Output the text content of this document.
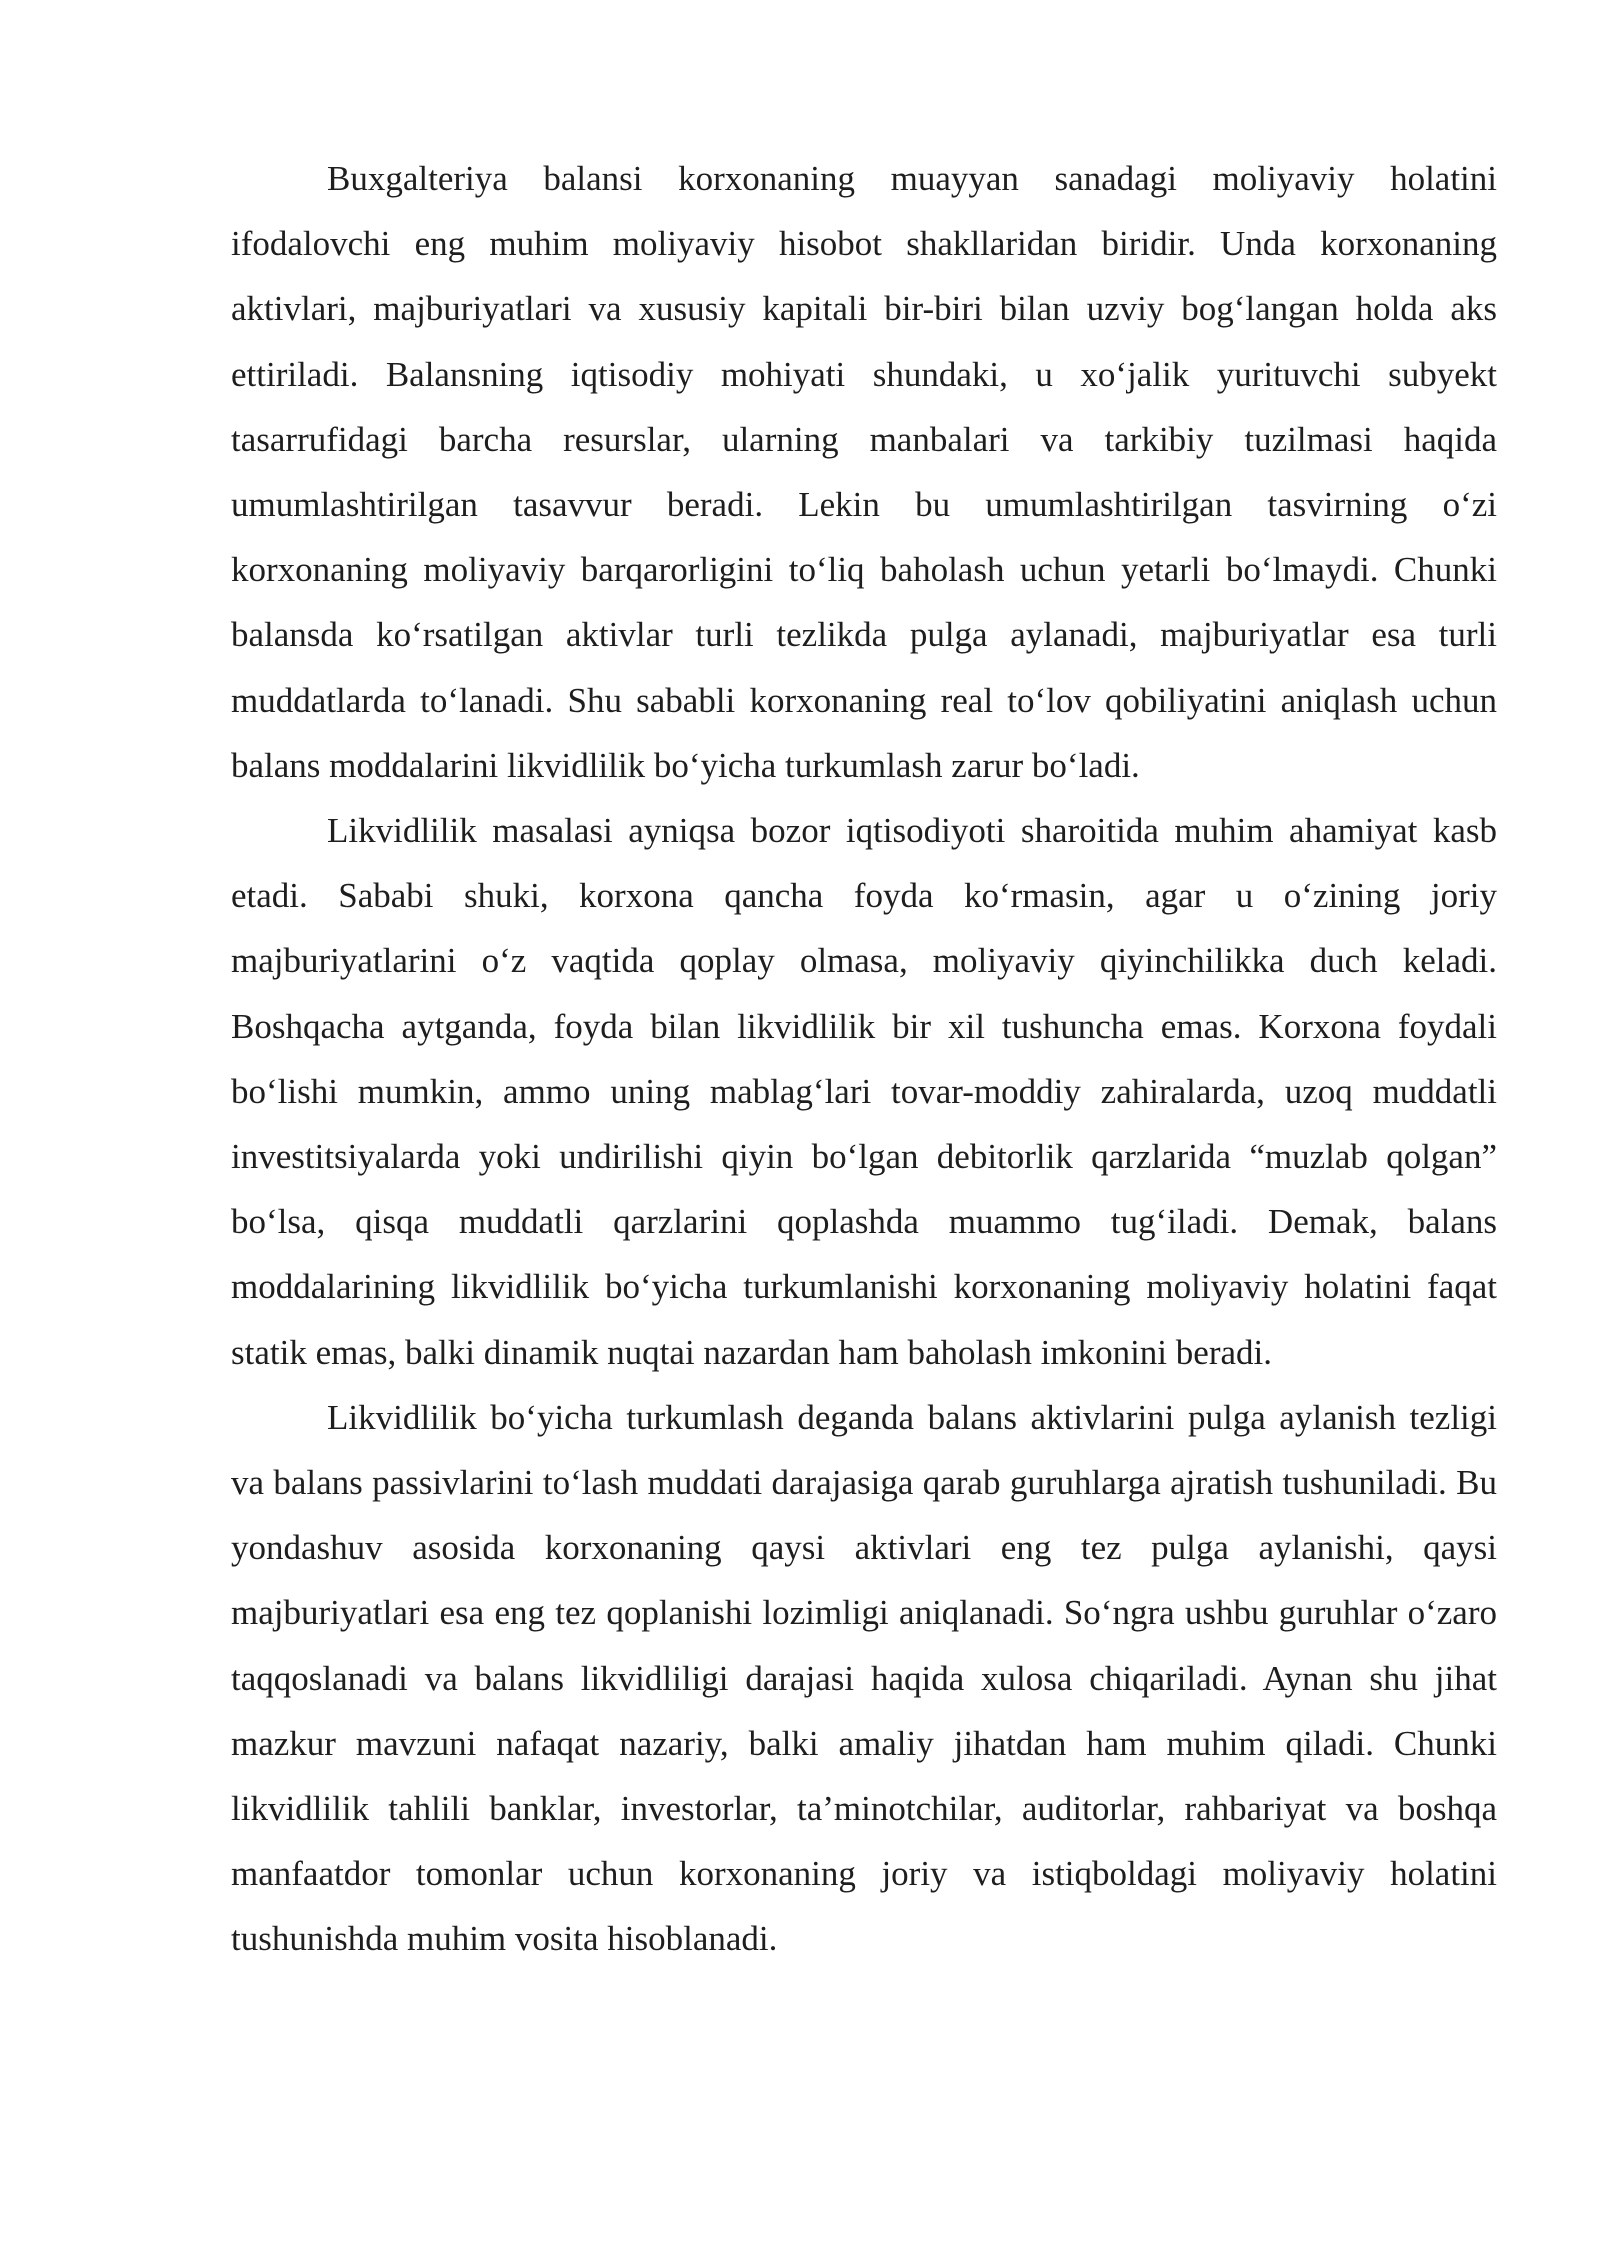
Buxgalteriya balansi korxonaning muayyan sanadagi moliyaviy holatini ifodalovchi eng muhim moliyaviy hisobot shakllaridan biridir. Unda korxonaning aktivlari, majburiyatlari va xususiy kapitali bir-biri bilan uzviy bog‘langan holda aks ettiriladi. Balansning iqtisodiy mohiyati shundaki, u xo‘jalik yurituvchi subyekt tasarrufidagi barcha resurslar, ularning manbalari va tarkibiy tuzilmasi haqida umumlashtirilgan tasavvur beradi. Lekin bu umumlashtirilgan tasvirning o‘zi korxonaning moliyaviy barqarorligini to‘liq baholash uchun yetarli bo‘lmaydi. Chunki balansda ko‘rsatilgan aktivlar turli tezlikda pulga aylanadi, majburiyatlar esa turli muddatlarda to‘lanadi. Shu sababli korxonaning real to‘lov qobiliyatini aniqlash uchun balans moddalarini likvidlilik bo‘yicha turkumlash zarur bo‘ladi.

Likvidlilik masalasi ayniqsa bozor iqtisodiyoti sharoitida muhim ahamiyat kasb etadi. Sababi shuki, korxona qancha foyda ko‘rmasin, agar u o‘zining joriy majburiyatlarini o‘z vaqtida qoplay olmasa, moliyaviy qiyinchilikka duch keladi. Boshqacha aytganda, foyda bilan likvidlilik bir xil tushuncha emas. Korxona foydali bo‘lishi mumkin, ammo uning mablag‘lari tovar-moddiy zahiralarda, uzoq muddatli investitsiyalarda yoki undirilishi qiyin bo‘lgan debitorlik qarzlarida “muzlab qolgan” bo‘lsa, qisqa muddatli qarzlarini qoplashda muammo tug‘iladi. Demak, balans moddalarining likvidlilik bo‘yicha turkumlanishi korxonaning moliyaviy holatini faqat statik emas, balki dinamik nuqtai nazardan ham baholash imkonini beradi.

Likvidlilik bo‘yicha turkumlash deganda balans aktivlarini pulga aylanish tezligi va balans passivlarini to‘lash muddati darajasiga qarab guruhlarga ajratish tushuniladi. Bu yondashuv asosida korxonaning qaysi aktivlari eng tez pulga aylanishi, qaysi majburiyatlari esa eng tez qoplanishi lozimligi aniqlanadi. So‘ngra ushbu guruhlar o‘zaro taqqoslanadi va balans likvidliligi darajasi haqida xulosa chiqariladi. Aynan shu jihat mazkur mavzuni nafaqat nazariy, balki amaliy jihatdan ham muhim qiladi. Chunki likvidlilik tahlili banklar, investorlar, ta’minotchilar, auditorlar, rahbariyat va boshqa manfaatdor tomonlar uchun korxonaning joriy va istiqboldagi moliyaviy holatini tushunishda muhim vosita hisoblanadi.
